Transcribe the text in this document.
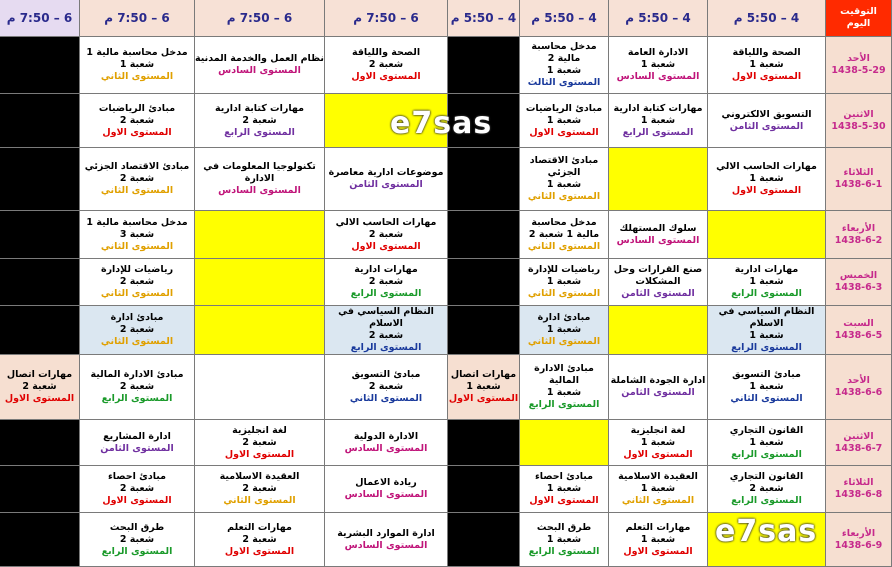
التوقيت
اليوم
4 – 5:50 م
4 – 5:50 م
4 – 5:50 م
4 – 5:50 م
6 – 7:50 م
6 – 7:50 م
6 – 7:50 م
6 – 7:50 م
الأحد
1438-5-29
الاثنين
1438-5-30
الثلاثاء
1438-6-1
الأربعاء
1438-6-2
الخميس
1438-6-3
السبت
1438-6-5
الأحد
1438-6-6
الاثنين
1438-6-7
الثلاثاء
1438-6-8
الأربعاء
1438-6-9
الصحة واللياقة
شعبة 1
المستوى الاول
الادارة العامة
شعبة 1
المستوى السادس
مدخل محاسبة مالية 2
شعبة 1
المستوى الثالث
الصحة واللياقة
شعبة 2
المستوى الاول
نظام العمل والخدمة المدنية
المستوى السادس
مدخل محاسبة مالية 1
شعبة 1
المستوى الثاني
التسويق الالكتروني
المستوى الثامن
مهارات كتابة ادارية
شعبة 1
المستوى الرابع
مبادئ الرياضيات
شعبة 1
المستوى الاول
مهارات كتابة ادارية
شعبة 2
المستوى الرابع
مبادئ الرياضيات
شعبة 2
المستوى الاول
مهارات الحاسب الالي
شعبة 1
المستوى الاول
مبادئ الاقتصاد الجزئي
شعبة 1
المستوى الثاني
موضوعات ادارية معاصرة
المستوى الثامن
تكنولوجيا المعلومات في الادارة
المستوى السادس
مبادئ الاقتصاد الجزئي
شعبة 2
المستوى الثاني
سلوك المستهلك
المستوى السادس
مدخل محاسبة مالية 1 شعبة 2
المستوى الثاني
مهارات الحاسب الالي
شعبة 2
المستوى الاول
مدخل محاسبة مالية 1
شعبة 3
المستوى الثاني
مهارات ادارية
شعبة 1
المستوى الرابع
صنع القرارات وحل المشكلات
المستوى الثامن
رياضيات للإدارة
شعبة 1
المستوى الثاني
مهارات ادارية
شعبة 2
المستوى الرابع
رياضيات للإدارة
شعبة 2
المستوى الثاني
النظام السياسي في الاسلام
شعبة 1
المستوى الرابع
مبادئ ادارة
شعبة 1
المستوى الثاني
النظام السياسي في الاسلام
شعبة 2
المستوى الرابع
مبادئ ادارة
شعبة 2
المستوى الثاني
مبادئ التسويق
شعبة 1
المستوى الثاني
ادارة الجودة الشاملة
المستوى الثامن
مبادئ الادارة المالية
شعبة 1
المستوى الرابع
مهارات اتصال
شعبة 1
المستوى الاول
مبادئ التسويق
شعبة 2
المستوى الثاني
مبادئ الادارة المالية
شعبة 2
المستوى الرابع
مهارات اتصال
شعبة 2
المستوى الاول
القانون التجاري
شعبة 1
المستوى الرابع
لغة انجليزية
شعبة 1
المستوى الاول
الادارة الدولية
المستوى السادس
لغة انجليزية
شعبة 2
المستوى الاول
ادارة المشاريع
المستوى الثامن
القانون التجاري
شعبة 2
المستوى الرابع
العقيدة الاسلامية
شعبة 1
المستوى الثاني
مبادئ احصاء
شعبة 1
المستوى الاول
ريادة الاعمال
المستوى السادس
العقيدة الاسلامية
شعبة 2
المستوى الثاني
مبادئ احصاء
شعبة 2
المستوى الاول
مهارات التعلم
شعبة 1
المستوى الاول
طرق البحث
شعبة 1
المستوى الرابع
ادارة الموارد البشرية
المستوى السادس
مهارات التعلم
شعبة 2
المستوى الاول
طرق البحث
شعبة 2
المستوى الرابع
e7sas
e7sas
